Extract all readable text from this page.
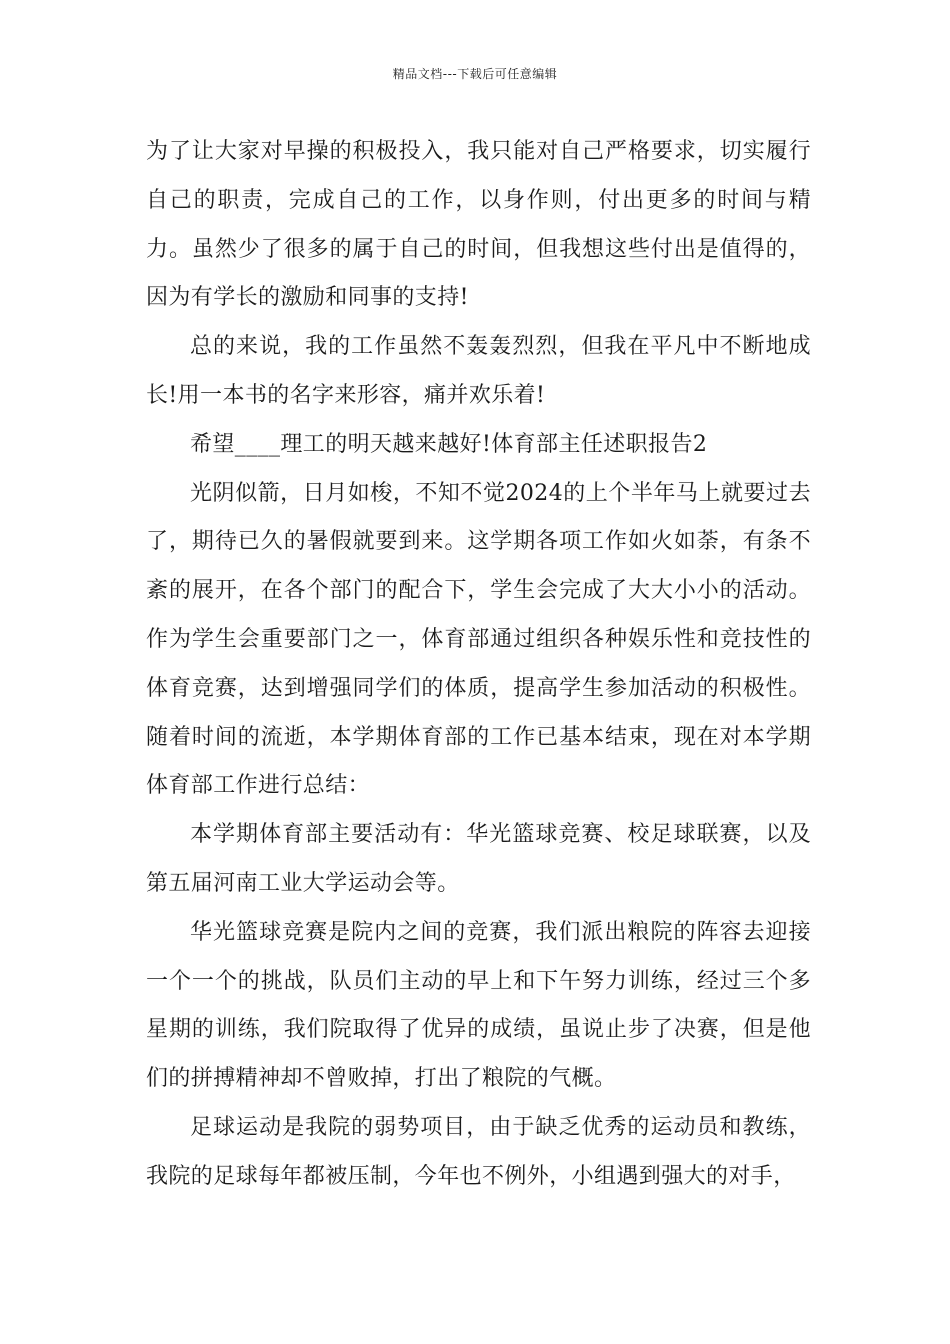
精品文档---下载后可任意编辑

为了让大家对早操的积极投入，我只能对自己严格要求，切实履行自己的职责，完成自己的工作，以身作则，付出更多的时间与精力。虽然少了很多的属于自己的时间，但我想这些付出是值得的，因为有学长的激励和同事的支持!

总的来说，我的工作虽然不轰轰烈烈，但我在平凡中不断地成长!用一本书的名字来形容，痛并欢乐着!

希望____理工的明天越来越好!体育部主任述职报告2

光阴似箭，日月如梭，不知不觉2024的上个半年马上就要过去了，期待已久的暑假就要到来。这学期各项工作如火如荼，有条不紊的展开，在各个部门的配合下，学生会完成了大大小小的活动。作为学生会重要部门之一，体育部通过组织各种娱乐性和竞技性的体育竞赛，达到增强同学们的体质，提高学生参加活动的积极性。随着时间的流逝，本学期体育部的工作已基本结束，现在对本学期体育部工作进行总结：

本学期体育部主要活动有：华光篮球竞赛、校足球联赛，以及第五届河南工业大学运动会等。

华光篮球竞赛是院内之间的竞赛，我们派出粮院的阵容去迎接一个一个的挑战，队员们主动的早上和下午努力训练，经过三个多星期的训练，我们院取得了优异的成绩，虽说止步了决赛，但是他们的拼搏精神却不曾败掉，打出了粮院的气概。

足球运动是我院的弱势项目，由于缺乏优秀的运动员和教练，我院的足球每年都被压制，今年也不例外，小组遇到强大的对手，
